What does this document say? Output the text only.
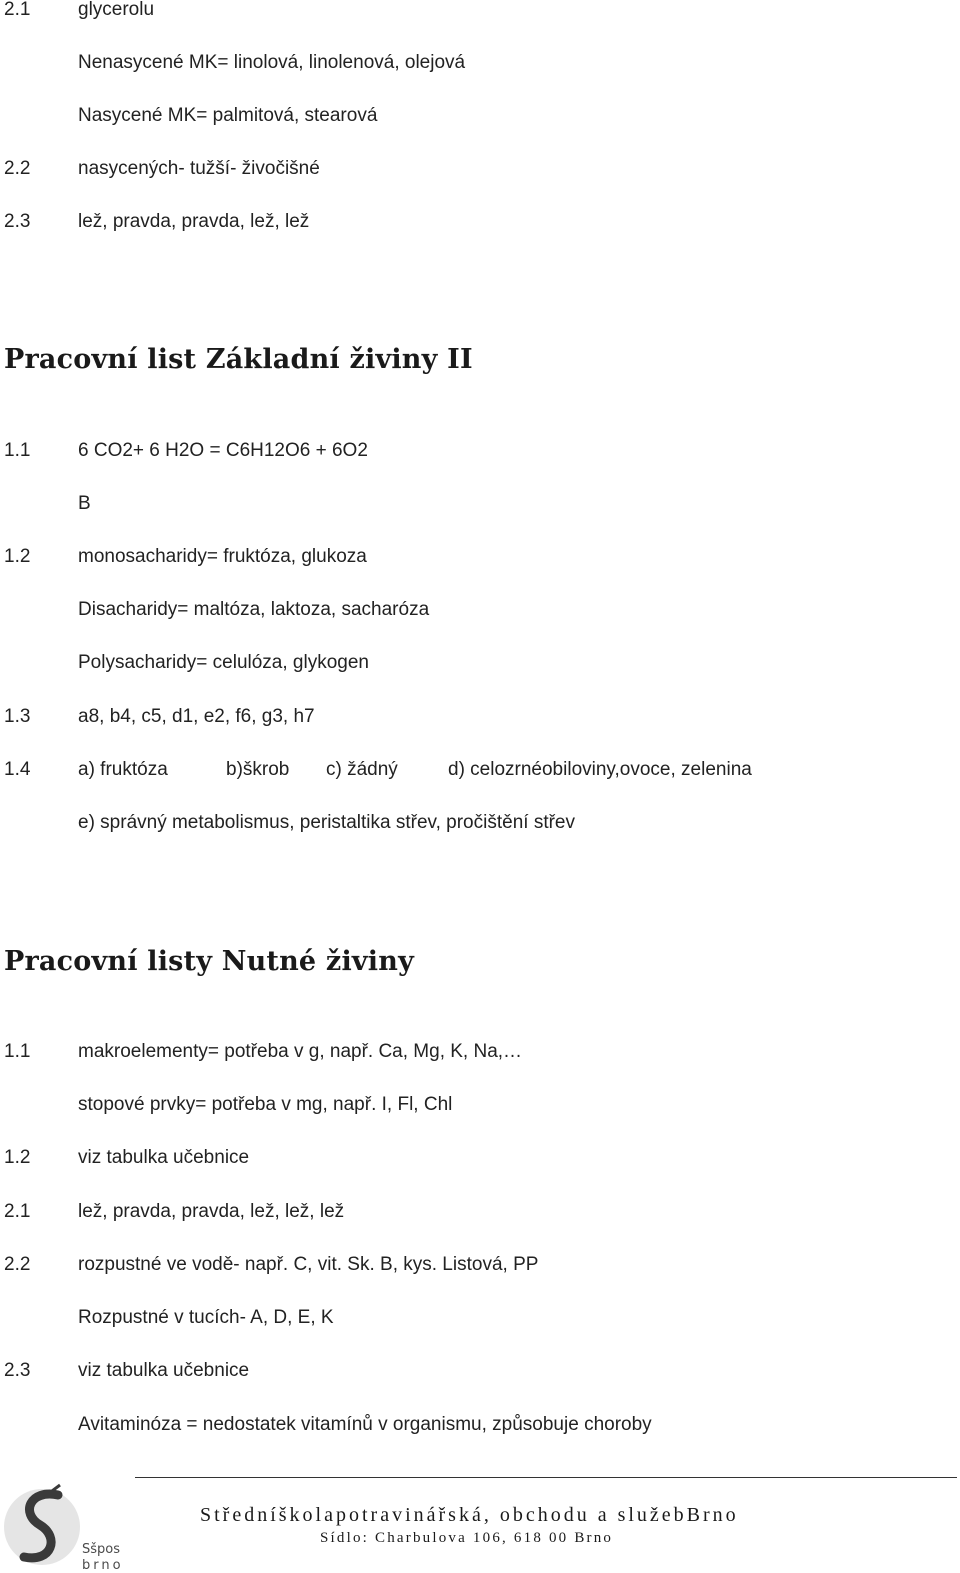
2.1	glycerolu
Nenasycené MK= linolová, linolenová, olejová
Nasycené MK= palmitová, stearová
2.2	nasycených- tužší- živočišné
2.3	lež, pravda, pravda, lež, lež
Pracovní list Základní živiny II
1.1	6 CO2+ 6 H2O = C6H12O6 + 6O2
B
1.2	monosacharidy= fruktóza, glukoza
Disacharidy= maltóza, laktoza, sacharóza
Polysacharidy= celulóza, glykogen
1.3	a8, b4, c5, d1, e2, f6, g3, h7
1.4	a) fruktóza	b)škrob c) žádný	d) celozrnéobiloviny,ovoce, zelenina
e) správný metabolismus, peristaltika střev, pročištění střev
Pracovní listy Nutné živiny
1.1	makroelementy= potřeba v g, např. Ca, Mg, K, Na,…
stopové prvky= potřeba v mg, např. I, Fl, Chl
1.2	viz tabulka učebnice
2.1	lež, pravda, pravda, lež, lež, lež
2.2	rozpustné ve vodě- např. C, vit. Sk. B, kys. Listová, PP
Rozpustné v tucích- A, D, E, K
2.3	viz tabulka učebnice
Avitaminóza = nedostatek vitamínů v organismu, způsobuje choroby
Sšpos
brno
Středníškolapotravinářská, obchodu a služebBrno
Sídlo: Charbulova 106, 618 00 Brno
